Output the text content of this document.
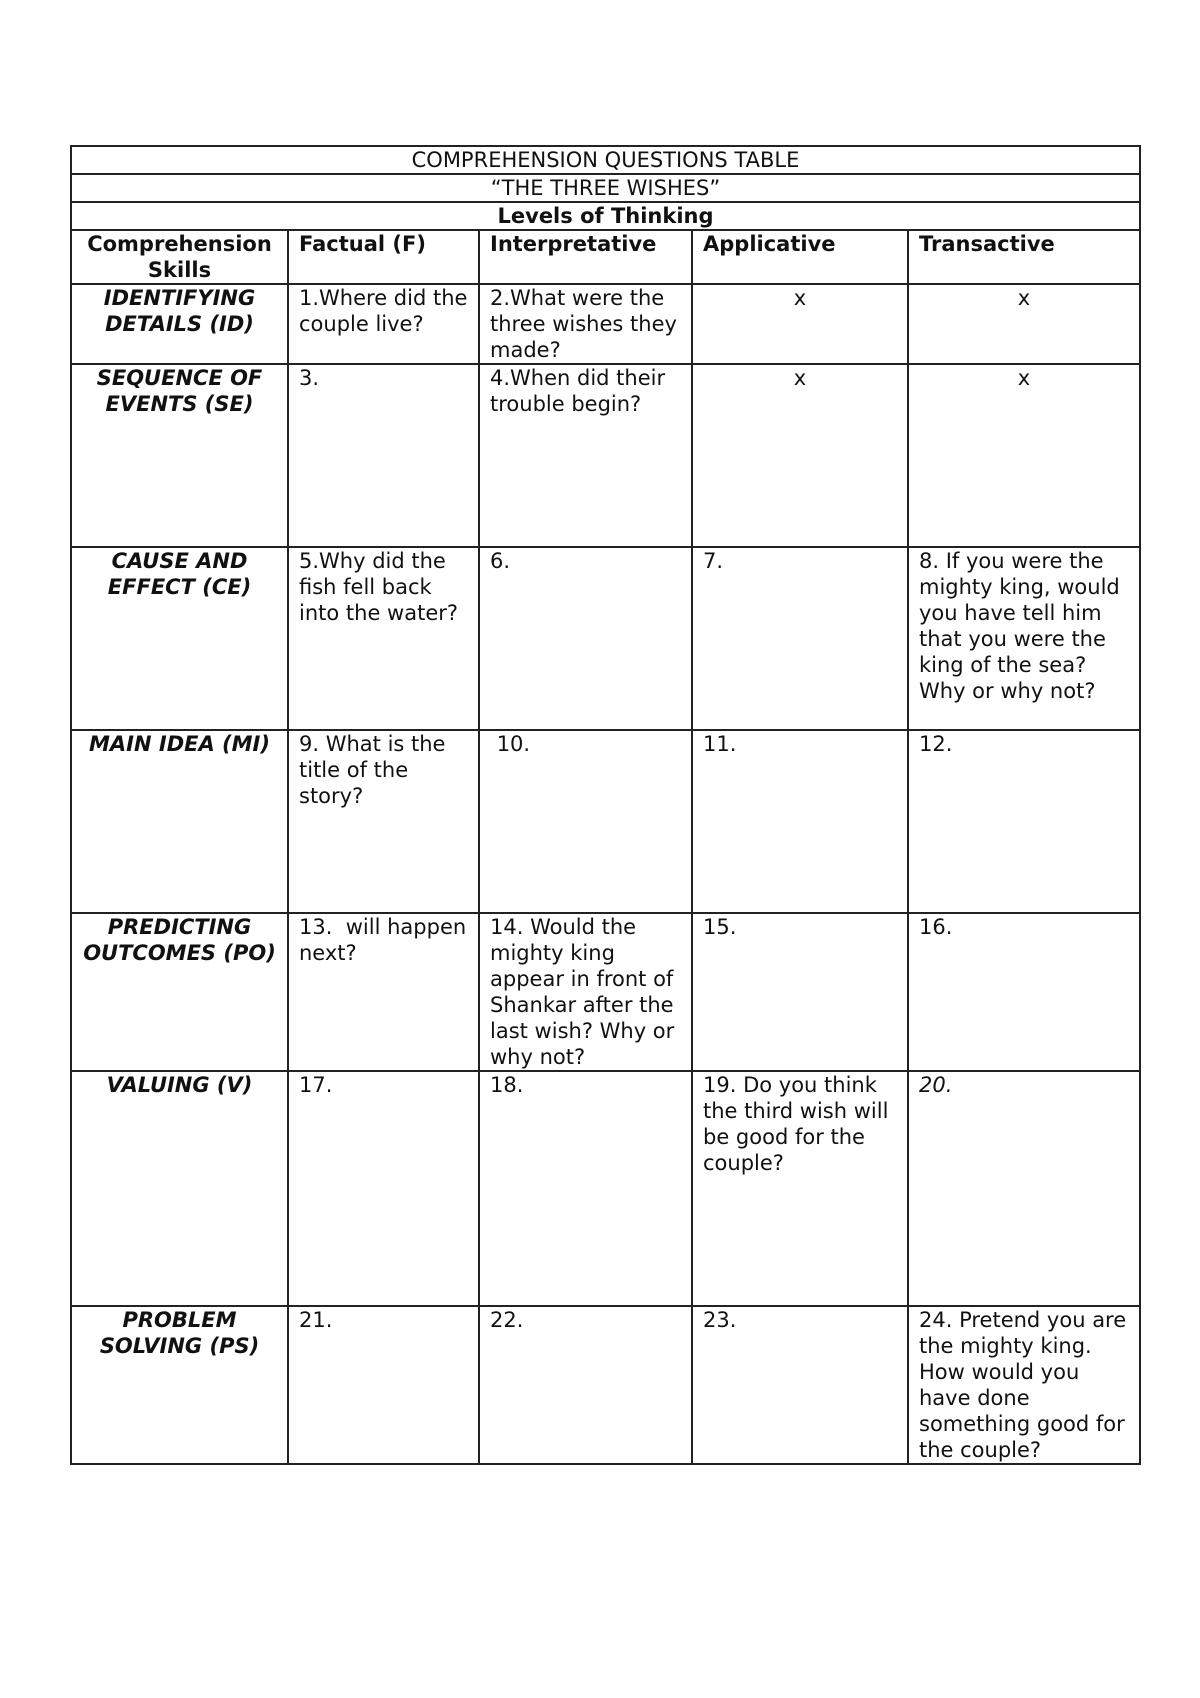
COMPREHENSION QUESTIONS TABLE				
“THE THREE WISHES”				
Levels of Thinking				
Comprehension Skills	Factual (F)	Interpretative	Applicative	Transactive
IDENTIFYING DETAILS (ID)	1.Where did the couple live?	2.What were the three wishes they made?	x	x
SEQUENCE OF EVENTS (SE)	3.	4.When did their trouble begin?	x	x
CAUSE AND EFFECT (CE)	5.Why did the fish fell back into the water?	6.	7.	8. If you were the mighty king, would you have tell him that you were the king of the sea? Why or why not?
MAIN IDEA (MI)	9. What is the title of the story?	10.	11.	12.
PREDICTING OUTCOMES (PO)	13.  will happen next?	14. Would the mighty king appear in front of Shankar after the last wish? Why or why not?	15.	16.
VALUING (V)	17.	18.	19. Do you think the third wish will be good for the couple?	20.
PROBLEM SOLVING (PS)	21.	22.	23.	24. Pretend you are the mighty king. How would you have done something good for the couple?
